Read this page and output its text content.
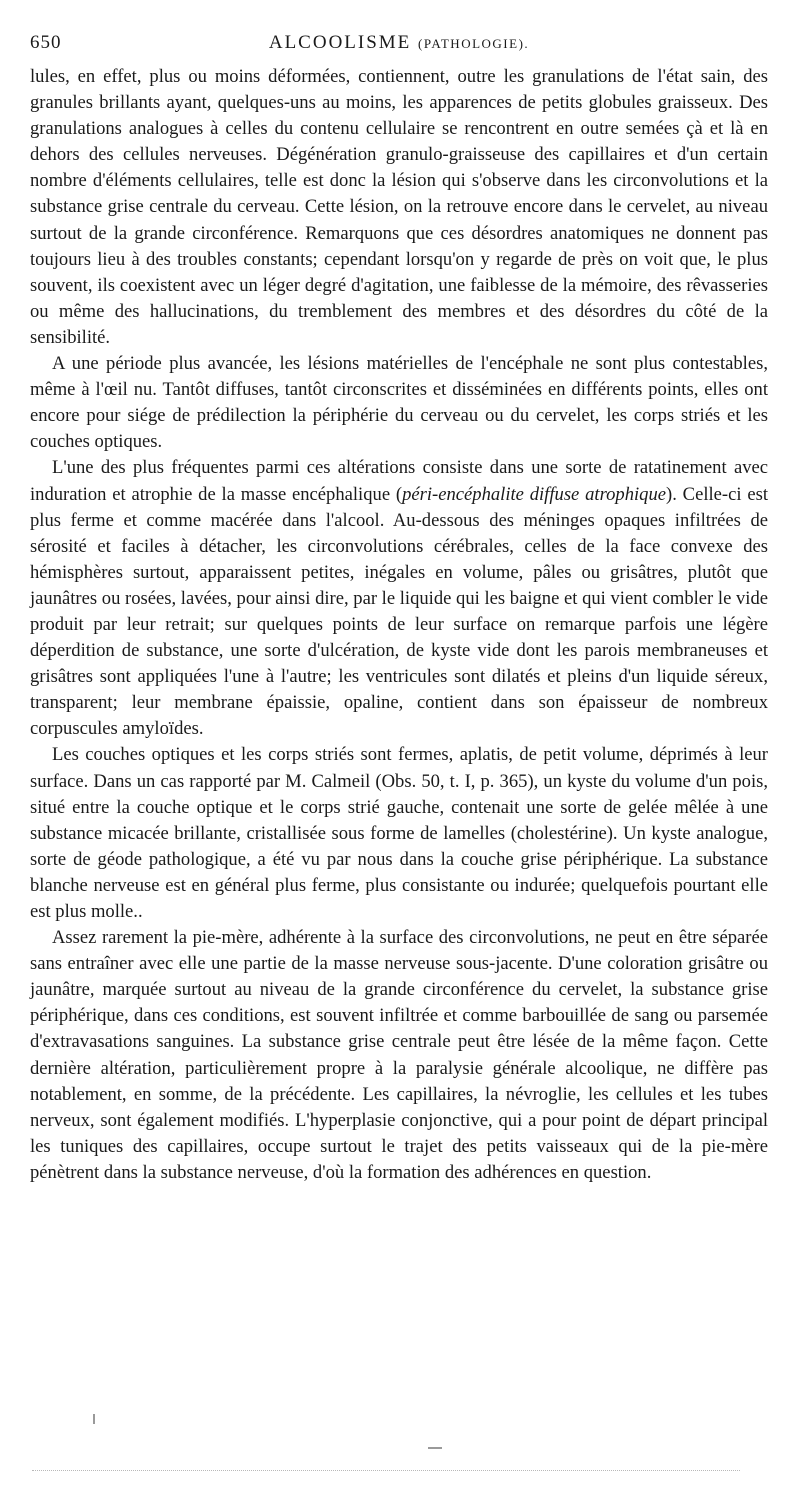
650	ALCOOLISME (PATHOLOGIE).

lules, en effet, plus ou moins déformées, contiennent, outre les granulations de l'état sain, des granules brillants ayant, quelques-uns au moins, les apparences de petits globules graisseux. Des granulations analogues à celles du contenu cellulaire se rencontrent en outre semées çà et là en dehors des cellules nerveuses. Dégénération granulo-graisseuse des capillaires et d'un certain nombre d'éléments cellulaires, telle est donc la lésion qui s'observe dans les circonvolutions et la substance grise centrale du cerveau. Cette lésion, on la retrouve encore dans le cervelet, au niveau surtout de la grande circonférence. Remarquons que ces désordres anatomiques ne donnent pas toujours lieu à des troubles constants; cependant lorsqu'on y regarde de près on voit que, le plus souvent, ils coexistent avec un léger degré d'agitation, une faiblesse de la mémoire, des rêvasseries ou même des hallucinations, du tremblement des membres et des désordres du côté de la sensibilité.

A une période plus avancée, les lésions matérielles de l'encéphale ne sont plus contestables, même à l'œil nu. Tantôt diffuses, tantôt circonscrites et disséminées en différents points, elles ont encore pour siége de prédilection la périphérie du cerveau ou du cervelet, les corps striés et les couches optiques.

L'une des plus fréquentes parmi ces altérations consiste dans une sorte de ratatinement avec induration et atrophie de la masse encéphalique (péri-encéphalite diffuse atrophique). Celle-ci est plus ferme et comme macérée dans l'alcool. Au-dessous des méninges opaques infiltrées de sérosité et faciles à détacher, les circonvolutions cérébrales, celles de la face convexe des hémisphères surtout, apparaissent petites, inégales en volume, pâles ou grisâtres, plutôt que jaunâtres ou rosées, lavées, pour ainsi dire, par le liquide qui les baigne et qui vient combler le vide produit par leur retrait; sur quelques points de leur surface on remarque parfois une légère déperdition de substance, une sorte d'ulcération, de kyste vide dont les parois membraneuses et grisâtres sont appliquées l'une à l'autre; les ventricules sont dilatés et pleins d'un liquide séreux, transparent; leur membrane épaissie, opaline, contient dans son épaisseur de nombreux corpuscules amyloïdes.

Les couches optiques et les corps striés sont fermes, aplatis, de petit volume, déprimés à leur surface. Dans un cas rapporté par M. Calmeil (Obs. 50, t. I, p. 365), un kyste du volume d'un pois, situé entre la couche optique et le corps strié gauche, contenait une sorte de gelée mêlée à une substance micacée brillante, cristallisée sous forme de lamelles (cholestérine). Un kyste analogue, sorte de géode pathologique, a été vu par nous dans la couche grise périphérique. La substance blanche nerveuse est en général plus ferme, plus consistante ou indurée; quelquefois pourtant elle est plus molle..

Assez rarement la pie-mère, adhérente à la surface des circonvolutions, ne peut en être séparée sans entraîner avec elle une partie de la masse nerveuse sous-jacente. D'une coloration grisâtre ou jaunâtre, marquée surtout au niveau de la grande circonférence du cervelet, la substance grise périphérique, dans ces conditions, est souvent infiltrée et comme barbouillée de sang ou parsemée d'extravasations sanguines. La substance grise centrale peut être lésée de la même façon. Cette dernière altération, particulièrement propre à la paralysie générale alcoolique, ne diffère pas notablement, en somme, de la précédente. Les capillaires, la névroglie, les cellules et les tubes nerveux, sont également modifiés. L'hyperplasie conjonctive, qui a pour point de départ principal les tuniques des capillaires, occupe surtout le trajet des petits vaisseaux qui de la pie-mère pénètrent dans la substance nerveuse, d'où la formation des adhérences en question.
